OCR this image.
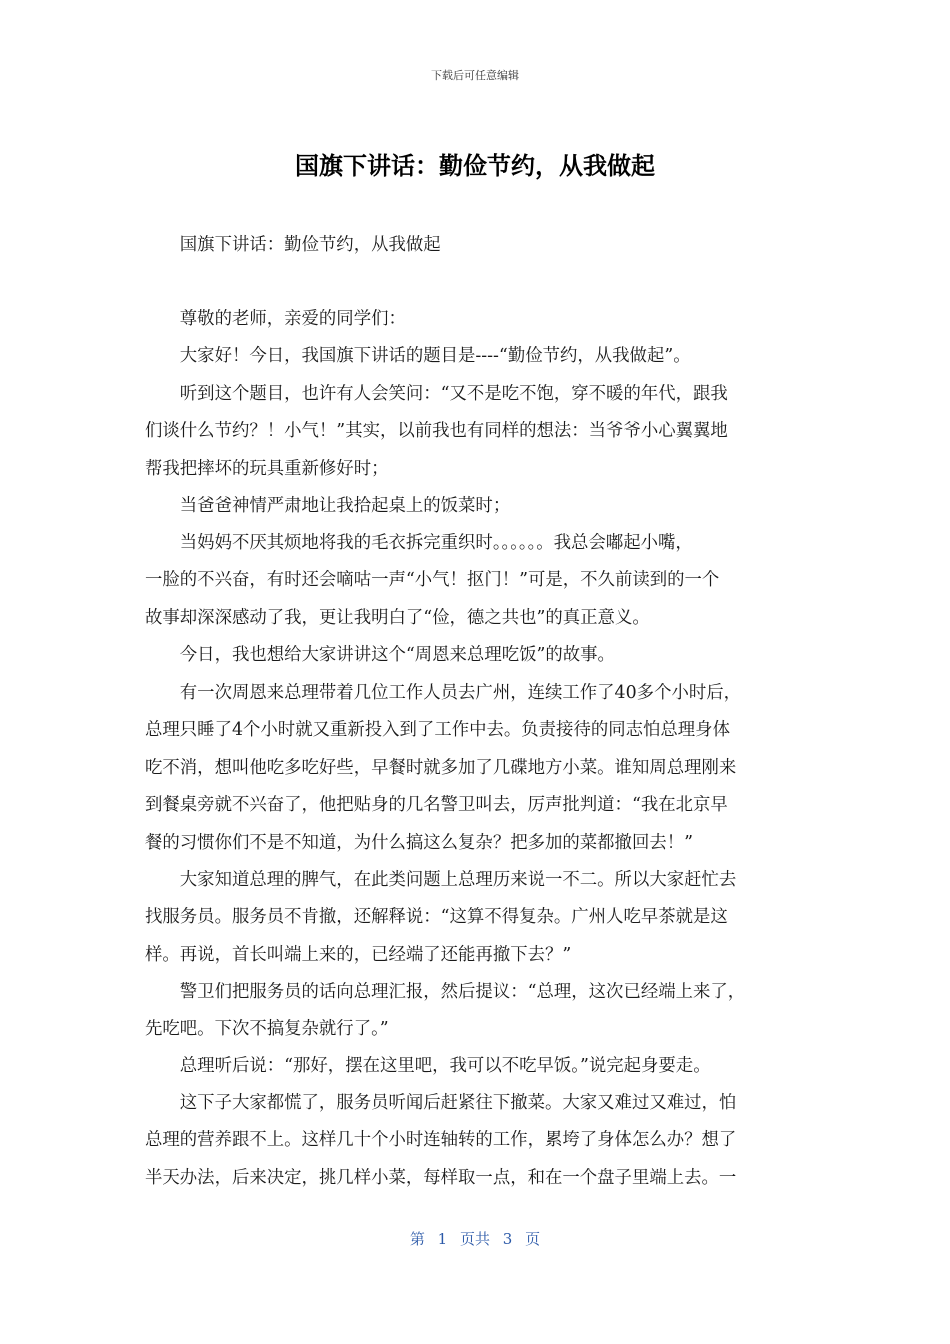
下载后可任意编辑
国旗下讲话：勤俭节约，从我做起
　　国旗下讲话：勤俭节约，从我做起
　　尊敬的老师，亲爱的同学们：
　　大家好！今日，我国旗下讲话的题目是----“勤俭节约，从我做起”。
　　听到这个题目，也许有人会笑问：“又不是吃不饱，穿不暖的年代，跟我
们谈什么节约？！小气！”其实，以前我也有同样的想法：当爷爷小心翼翼地
帮我把摔坏的玩具重新修好时；
　　当爸爸神情严肃地让我拾起桌上的饭菜时；
　　当妈妈不厌其烦地将我的毛衣拆完重织时。。。。。。我总会嘟起小嘴，
一脸的不兴奋，有时还会嘀咕一声“小气！抠门！”可是，不久前读到的一个
故事却深深感动了我，更让我明白了“俭，德之共也”的真正意义。
　　今日，我也想给大家讲讲这个“周恩来总理吃饭”的故事。
　　有一次周恩来总理带着几位工作人员去广州，连续工作了40多个小时后，
总理只睡了4个小时就又重新投入到了工作中去。负责接待的同志怕总理身体
吃不消，想叫他吃多吃好些，早餐时就多加了几碟地方小菜。谁知周总理刚来
到餐桌旁就不兴奋了，他把贴身的几名警卫叫去，厉声批判道：“我在北京早
餐的习惯你们不是不知道，为什么搞这么复杂？把多加的菜都撤回去！”
　　大家知道总理的脾气，在此类问题上总理历来说一不二。所以大家赶忙去
找服务员。服务员不肯撤，还解释说：“这算不得复杂。广州人吃早茶就是这
样。再说，首长叫端上来的，已经端了还能再撤下去？”
　　警卫们把服务员的话向总理汇报，然后提议：“总理，这次已经端上来了，
先吃吧。下次不搞复杂就行了。”
　　总理听后说：“那好，摆在这里吧，我可以不吃早饭。”说完起身要走。
　　这下子大家都慌了，服务员听闻后赶紧往下撤菜。大家又难过又难过，怕
总理的营养跟不上。这样几十个小时连轴转的工作，累垮了身体怎么办？想了
半天办法，后来决定，挑几样小菜，每样取一点，和在一个盘子里端上去。一
第 1 页共 3 页
